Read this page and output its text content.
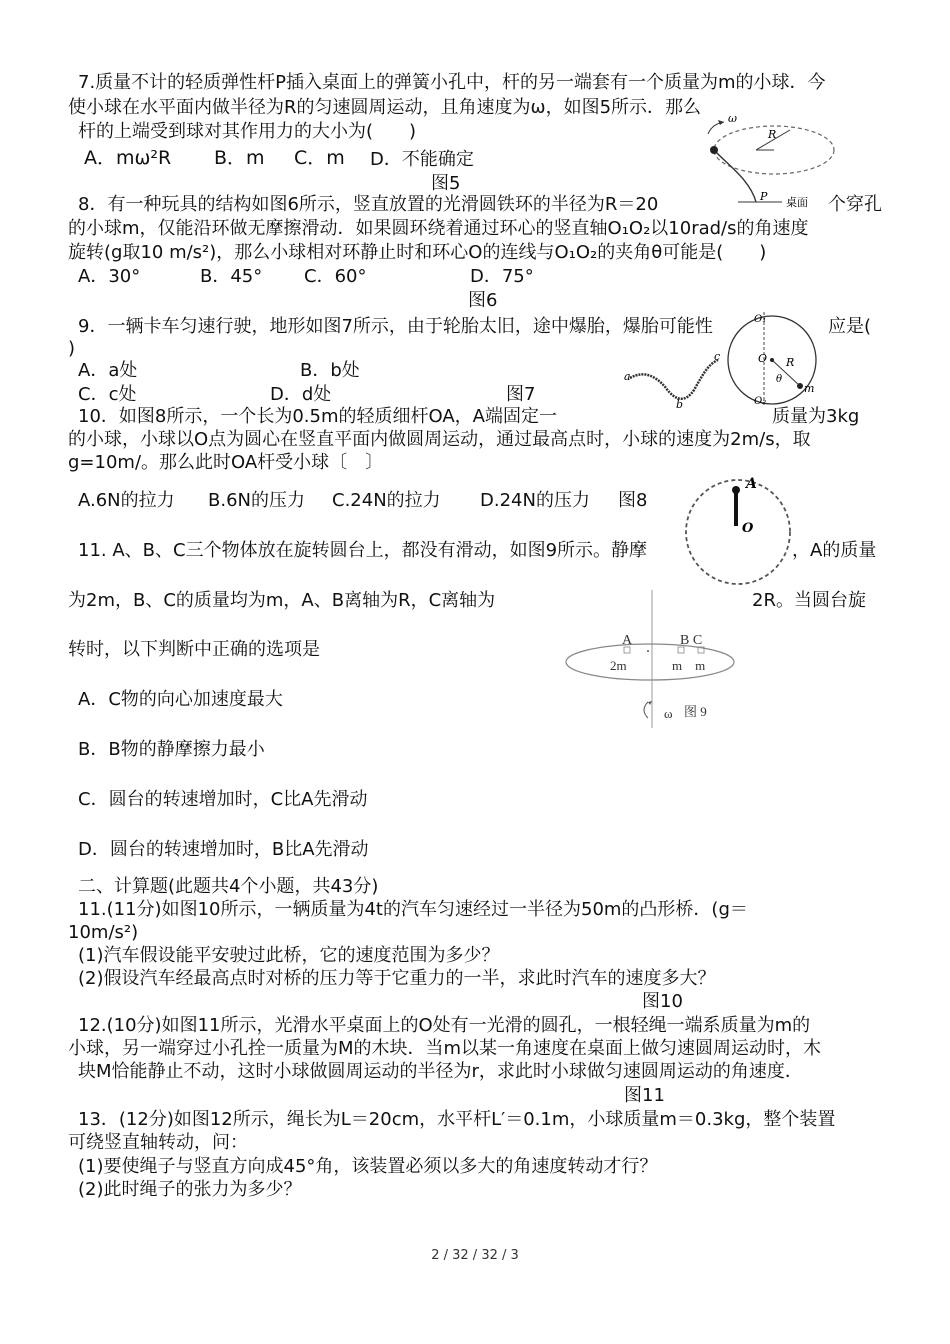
7.质量不计的轻质弹性杆P插入桌面上的弹簧小孔中，杆的另一端套有一个质量为m的小球．今
使小球在水平面内做半径为R的匀速圆周运动，且角速度为ω，如图5所示．那么
杆的上端受到球对其作用力的大小为(　　)
A．mω²R B．m C．m D．不能确定
图5
ω
R
P 桌面
8．有一种玩具的结构如图6所示，竖直放置的光滑圆铁环的半径为R＝20	个穿孔
的小球m，仅能沿环做无摩擦滑动．如果圆环绕着通过环心的竖直轴O₁O₂以10rad/s的角速度
旋转(g取10 m/s²)，那么小球相对环静止时和环心O的连线与O₁O₂的夹角θ可能是(　　)
A．30°	B．45° C．60°	D．75°
图6
O₁
O R
θ
m
O₂
9．一辆卡车匀速行驶，地形如图7所示，由于轮胎太旧，途中爆胎，爆胎可能性	应是(
)
A．a处	B．b处
C．c处	D．d处	图7
a
b
c
10．如图8所示，一个长为0.5m的轻质细杆OA，A端固定一	质量为3kg
的小球，小球以O点为圆心在竖直平面内做圆周运动，通过最高点时，小球的速度为2m/s，取
g=10m/。那么此时OA杆受小球〔　〕
A.6N的拉力 B.6N的压力 C.24N的拉力 D.24N的压力 图8
A
O
11. A、B、C三个物体放在旋转圆台上，都没有滑动，如图9所示。静摩	，A的质量
为2m，B、C的质量均为m，A、B离轴为R，C离轴为	2R。当圆台旋
转时，以下判断中正确的选项是
A．C物的向心加速度最大
B．B物的静摩擦力最小
C．圆台的转速增加时，C比A先滑动
D．圆台的转速增加时，B比A先滑动
A	B C
2m	m　m
ω 图 9
二、计算题(此题共4个小题，共43分)
11.(11分)如图10所示，一辆质量为4t的汽车匀速经过一半径为50m的凸形桥．(g＝
10m/s²)
(1)汽车假设能平安驶过此桥，它的速度范围为多少？
(2)假设汽车经最高点时对桥的压力等于它重力的一半，求此时汽车的速度多大？
图10
12.(10分)如图11所示，光滑水平桌面上的O处有一光滑的圆孔，一根轻绳一端系质量为m的
小球，另一端穿过小孔拴一质量为M的木块．当m以某一角速度在桌面上做匀速圆周运动时，木
块M恰能静止不动，这时小球做圆周运动的半径为r，求此时小球做匀速圆周运动的角速度．
图11
13．(12分)如图12所示，绳长为L＝20cm，水平杆L′＝0.1m，小球质量m＝0.3kg，整个装置
可绕竖直轴转动，问：
(1)要使绳子与竖直方向成45°角，该装置必须以多大的角速度转动才行？
(2)此时绳子的张力为多少？
2 / 32 / 32 / 3
